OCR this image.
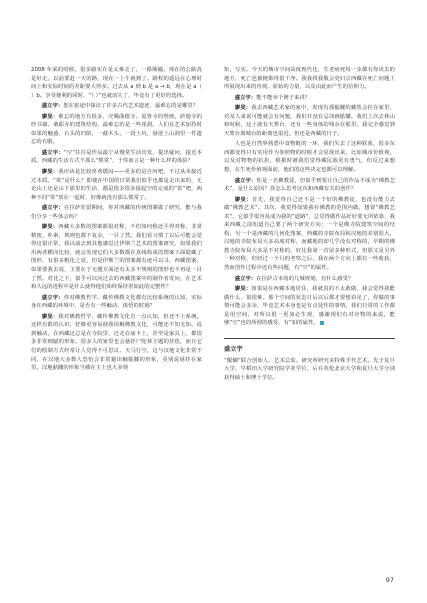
2008 年来的时候，很多路实在是太难走了，一路颠簸。现在的公路真是好走，以前要赶一天的路，现在一上午就到了。路程的遥远在心理时间上和实际时间的差距要大得多。过去从 a 到 b 是 a → b，现在是 a（ ）b。享受便利的同时，“（ ）”也就消失了，毕竟有了更好的选择。

盛立宇：您在旅途中探访了许多古代艺术遗迹，最难忘的是哪里？

廖旻：难忘的地方有很多，壳噶曲德寺、夏鲁寺的壁画，萨迦寺的经书墙、桑耶寺的建筑结构，最难忘的是一些崖洞。人们在艺术加持时如果的魅惑，石头的凹陷，一截木头，一段土坑，悬崖上山洞里一件遗忘的衣服。

盛立宇：“空”往往是作品最宁从慢常生活出发，提出疑问，接近本质。西藏的生活方式不那么“惯常”，于你而言是一种什么样的体验？

廖旻：我应该是比较喜欢缓闷——更多的是自问吧，不过从未接近过本质。“常”是什么？即使在中国的日常我们似乎也都是走出来的，无论山上还是山下那里的生活，都是很多很多接起空的完成的“常”吧，两种不同“常”放在一起时，好像就没有那么惯常了。

盛立宇：在拉萨驻留期间，你对西藏的传统图案做了研究，能与我们分享一些体会吗？

廖旻：西藏大多数的图案都很对称，不但如何称还平得对称，非常精密，朴素，规则也都不复余，一目了然，我们看习惯了以后可能会觉得这很正常，我以前去到其他感觉过伊斯兰艺术的图案研究，如果我们用两者横向比较，就会发现它们大多数都在真线构成的图案下面隐藏了图形，有很多粗化之处，但是伊斯兰的图案都有迹可以寻，西藏图案，如果要我去说，主要在于无题方面还有太多不规则的图形也不再是一目了然。对比之下，似乎可以向过去的西藏图案中的制作者发问，在艺术和久远的进程中是什么使得他们始终保持着如此的完整性？

盛立宇：你对佛教哲学、藏传佛教文化都有比较系统的认知，实际身在西藏的环境中，是否有一些触动、体悟的时刻？

廖旻：我对佛教哲学、藏传佛教文化有一点认知，但还不上系统。这样有限的认识，好像更容易使我误解佛教文化，可能还不知无知。说到触动，在西藏这总是在寺院里，迁走在庙卡上，甚至是家具上，都很多非常细腻的形象。很多人的家里也会悬挂尸陀林主题的挂毯，而且它们的绘制方式经常让人觉得不可思议。天马行空，这与汉地文化非常不同，在汉地大多数人恐怕会非常避讳触骷髅的形象，更别说悬挂在家里。汉地骷髅的形象当插在主上也大多规

矩，写实。今天的城市空间高度现代化，生老病死每一步都有你该去的地方，死亡也被掩饰得很干净。我我找我敬会更归宗西藏在死亡问题上所展现出来的直观、原始的力量，以及由此而产生的信仰力。

盛立宇：能不能举个例子来讲？

廖旻：我去西藏艺术家的家中，发现有那骷髅的藏毯会挂在家里，对及人来说可能就会有问题，我们并没有忌讳画骷髅。我们上次去林山和时候，边上就有天葬台，还有一些身体的残余在那里。我完全感觉到天葬台离城台阶距离也很近。但还是西藏的日子。

人也是自然界熟悉中食物链的一环，我们失去了这种联系，很多东西都变得只有实用作为参照物的时候才会显现出来，比如城市价值观，以及对物物的抗拒，根据时被我们觉得藏民族更有勇气，但反过来想想，在生死价值观面前，他们的这些决定也都可以理解。

盛立宇：你是一名佛教徒，但似乎到要让自己的作品不成为“佛教艺术”，是什么原因？你怎么思考这次和西藏有关的创作？

廖旻：首先，我觉得自己还不是一个好的佛教徒，也没有能力去做“佛教艺术”。其次，我觉得如果我在佛教的范围内做，想要“佛教艺术”，它似乎很容易成为我的“道路”，总觉得做作品好好要无所依靠，我来西藏之前知道自己要了两个研究方向：一个是佛寺院建筑空间的结构，另一个是西藏的几何化图案，西藏的寺院布局和汉地的差别很大，汉地的寺院布局大多高度对称，而藏地的却几乎没有对称的，早期的佛教寺院布局大多是不对称的，好比我第一首留多种形式，但那又是另外一种对称，但经过一个月的考察之后，我在两个方向上都有一些收获，然而创作过程中还有些问题，有“空”的属性。

盛立宇：在拉萨古本尚的几城规划，有什么感受？

廖旻：如果是在西藏本地居住，我就真的不太敢做，我会觉得我能做什么，很很难。那个空间的状态日后以后都才要想看见了，你做的事情可能会多余，毕竟艺术本身也是有点徒作的事情。我们日常的工作都是用空间，对所以很一更加必生观，感谢现们有对应物的来说，能够“空”也的所谓的感受，有“如的属性。

盛立宇

“醒醐”联合创始人、艺术总监。研究所研究美特殊手代艺术。先于复旦大学、早稻田大学研究院学业学位，后在英伦北京大学和复旦大学分别获得硕士和博士学位。

97
